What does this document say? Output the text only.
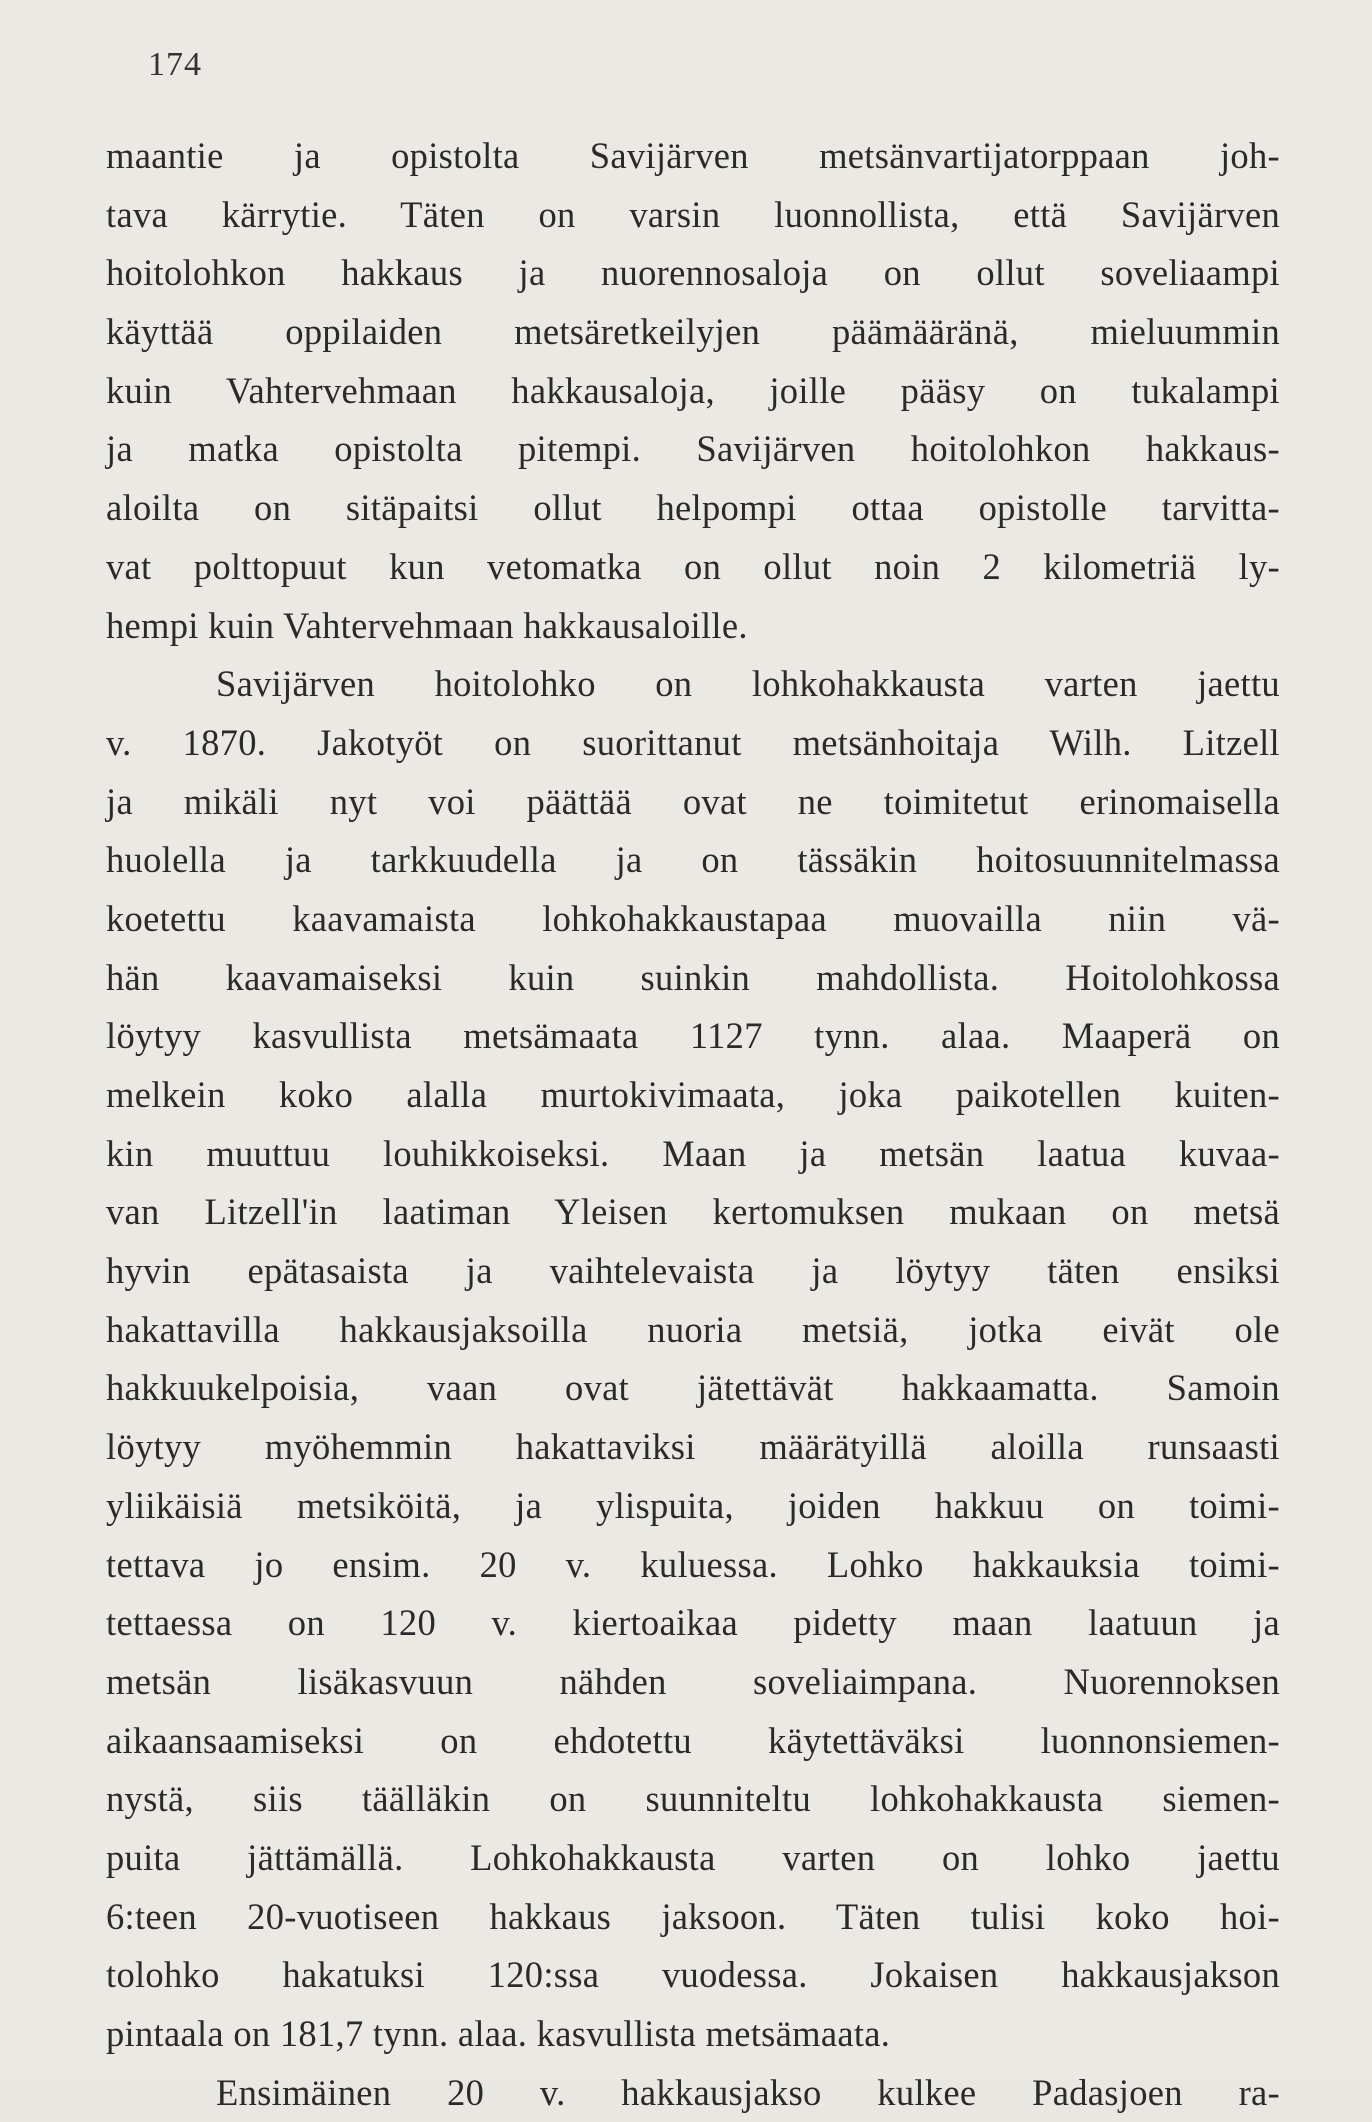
174
maantie ja opistolta Savijärven metsänvartijatorppaan joh-
tava kärrytie. Täten on varsin luonnollista, että Savijärven
hoitolohkon hakkaus ja nuorennosaloja on ollut soveliaampi
käyttää oppilaiden metsäretkeilyjen päämääränä, mieluummin
kuin Vahtervehmaan hakkausaloja, joille pääsy on tukalampi
ja matka opistolta pitempi. Savijärven hoitolohkon hakkaus-
aloilta on sitäpaitsi ollut helpompi ottaa opistolle tarvitta-
vat polttopuut kun vetomatka on ollut noin 2 kilometriä ly-
hempi kuin Vahtervehmaan hakkausaloille.
Savijärven hoitolohko on lohkohakkausta varten jaettu
v. 1870. Jakotyöt on suorittanut metsänhoitaja Wilh. Litzell
ja mikäli nyt voi päättää ovat ne toimitetut erinomaisella
huolella ja tarkkuudella ja on tässäkin hoitosuunnitelmassa
koetettu kaavamaista lohkohakkaustapaa muovailla niin vä-
hän kaavamaiseksi kuin suinkin mahdollista. Hoitolohkossa
löytyy kasvullista metsämaata 1127 tynn. alaa. Maaperä on
melkein koko alalla murtokivimaata, joka paikotellen kuiten-
kin muuttuu louhikkoiseksi. Maan ja metsän laatua kuvaa-
van Litzell'in laatiman Yleisen kertomuksen mukaan on metsä
hyvin epätasaista ja vaihtelevaista ja löytyy täten ensiksi
hakattavilla hakkausjaksoilla nuoria metsiä, jotka eivät ole
hakkuukelpoisia, vaan ovat jätettävät hakkaamatta. Samoin
löytyy myöhemmin hakattaviksi määrätyillä aloilla runsaasti
yliikäisiä metsiköitä, ja ylispuita, joiden hakkuu on toimi-
tettava jo ensim. 20 v. kuluessa. Lohko hakkauksia toimi-
tettaessa on 120 v. kiertoaikaa pidetty maan laatuun ja
metsän lisäkasvuun nähden soveliaimpana. Nuorennoksen
aikaansaamiseksi on ehdotettu käytettäväksi luonnonsiemen-
nystä, siis täälläkin on suunniteltu lohkohakkausta siemen-
puita jättämällä. Lohkohakkausta varten on lohko jaettu
6:teen 20-vuotiseen hakkaus jaksoon. Täten tulisi koko hoi-
tolohko hakatuksi 120:ssa vuodessa. Jokaisen hakkausjakson
pintaala on 181,7 tynn. alaa. kasvullista metsämaata.
Ensimäinen 20 v. hakkausjakso kulkee Padasjoen ra-
